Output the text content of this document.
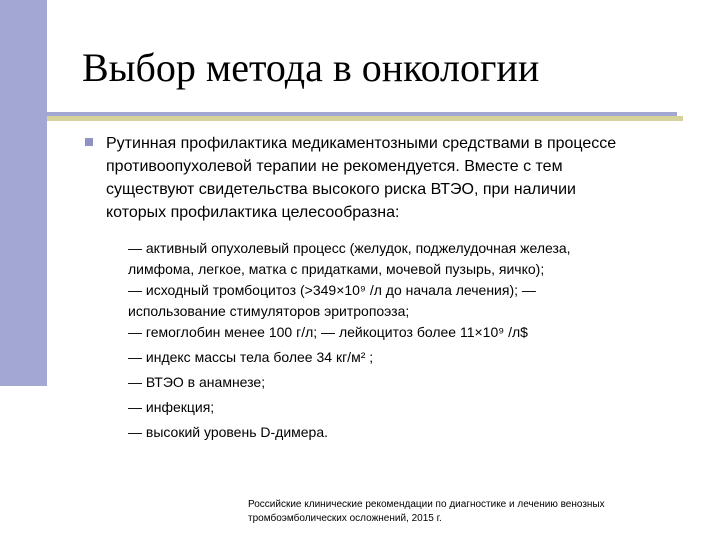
Выбор метода в онкологии

Рутинная профилактика медикаментозными средствами в процессе
противоопухолевой терапии не рекомендуется. Вместе с тем
существуют свидетельства высокого риска ВТЭО, при наличии
которых профилактика целесообразна:

— активный опухолевый процесс (желудок, поджелудочная железа,
лимфома, легкое, матка с придатками, мочевой пузырь, яичко);
— исходный тромбоцитоз (>349×10⁹ /л до начала лечения); —
использование стимуляторов эритропоэза;
— гемоглобин менее 100 г/л; — лейкоцитоз более 11×10⁹ /л$
— индекс массы тела более 34 кг/м² ;
— ВТЭО в анамнезе;
— инфекция;
— высокий уровень D-димера.

Российские клинические рекомендации по диагностике и лечению венозных
тромбоэмболических осложнений, 2015 г.
